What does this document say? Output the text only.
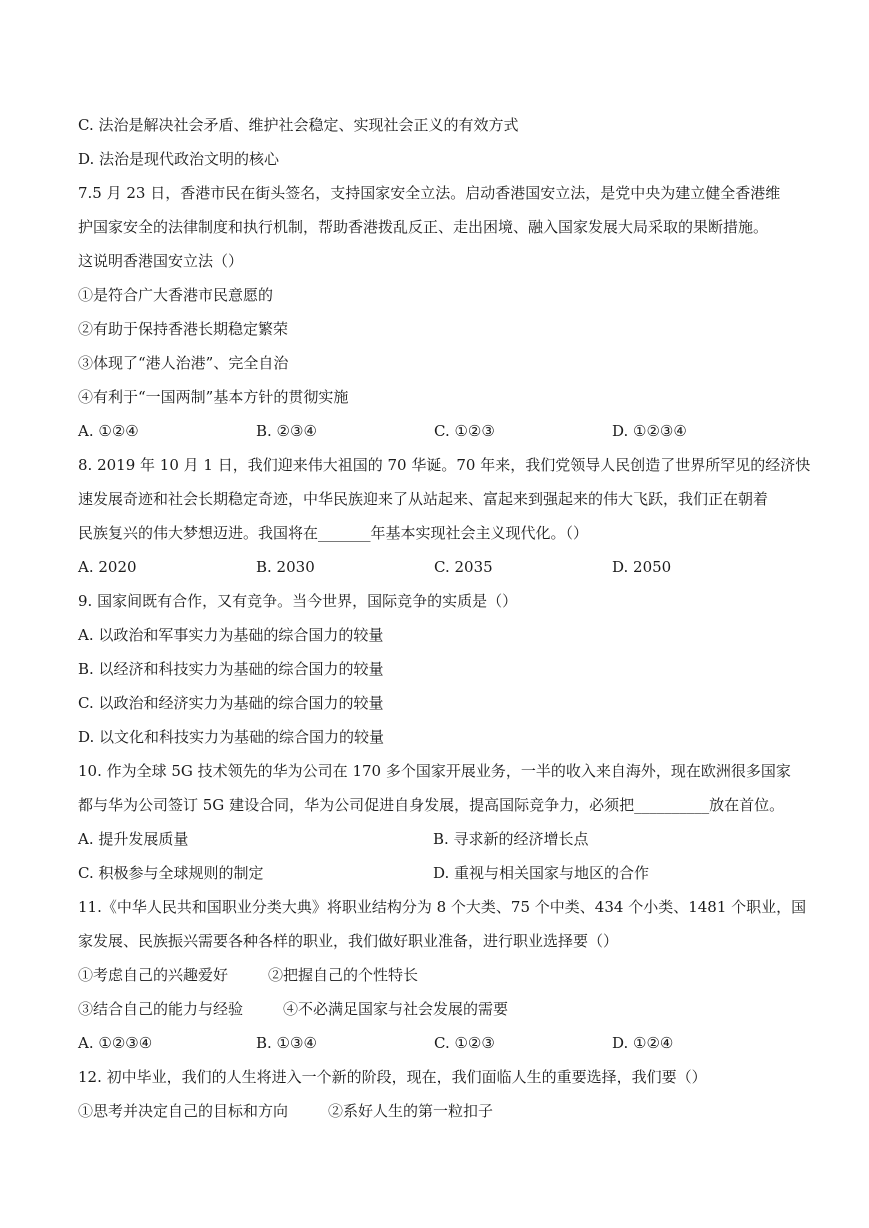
C. 法治是解决社会矛盾、维护社会稳定、实现社会正义的有效方式
D. 法治是现代政治文明的核心
7.5 月 23 日，香港市民在街头签名，支持国家安全立法。启动香港国安立法，是党中央为建立健全香港维
护国家安全的法律制度和执行机制，帮助香港拨乱反正、走出困境、融入国家发展大局采取的果断措施。
这说明香港国安立法（）
①是符合广大香港市民意愿的
②有助于保持香港长期稳定繁荣
③体现了“港人治港”、完全自治
④有利于“一国两制”基本方针的贯彻实施
A. ①②④	B. ②③④	C. ①②③	D. ①②③④
8. 2019 年 10 月 1 日，我们迎来伟大祖国的 70 华诞。70 年来，我们党领导人民创造了世界所罕见的经济快
速发展奇迹和社会长期稳定奇迹，中华民族迎来了从站起来、富起来到强起来的伟大飞跃，我们正在朝着
民族复兴的伟大梦想迈进。我国将在_______年基本实现社会主义现代化。（）
A. 2020	B. 2030	C. 2035	D. 2050
9. 国家间既有合作，又有竞争。当今世界，国际竞争的实质是（）
A. 以政治和军事实力为基础的综合国力的较量
B. 以经济和科技实力为基础的综合国力的较量
C. 以政治和经济实力为基础的综合国力的较量
D. 以文化和科技实力为基础的综合国力的较量
10. 作为全球 5G 技术领先的华为公司在 170 多个国家开展业务，一半的收入来自海外，现在欧洲很多国家
都与华为公司签订 5G 建设合同，华为公司促进自身发展，提高国际竞争力，必须把__________放在首位。
A. 提升发展质量	B. 寻求新的经济增长点
C. 积极参与全球规则的制定	D. 重视与相关国家与地区的合作
11.《中华人民共和国职业分类大典》将职业结构分为 8 个大类、75 个中类、434 个小类、1481 个职业，国
家发展、民族振兴需要各种各样的职业，我们做好职业准备，进行职业选择要（）
①考虑自己的兴趣爱好	②把握自己的个性特长
③结合自己的能力与经验	④不必满足国家与社会发展的需要
A. ①②③④	B. ①③④	C. ①②③	D. ①②④
12. 初中毕业，我们的人生将进入一个新的阶段，现在，我们面临人生的重要选择，我们要（）
①思考并决定自己的目标和方向	②系好人生的第一粒扣子
